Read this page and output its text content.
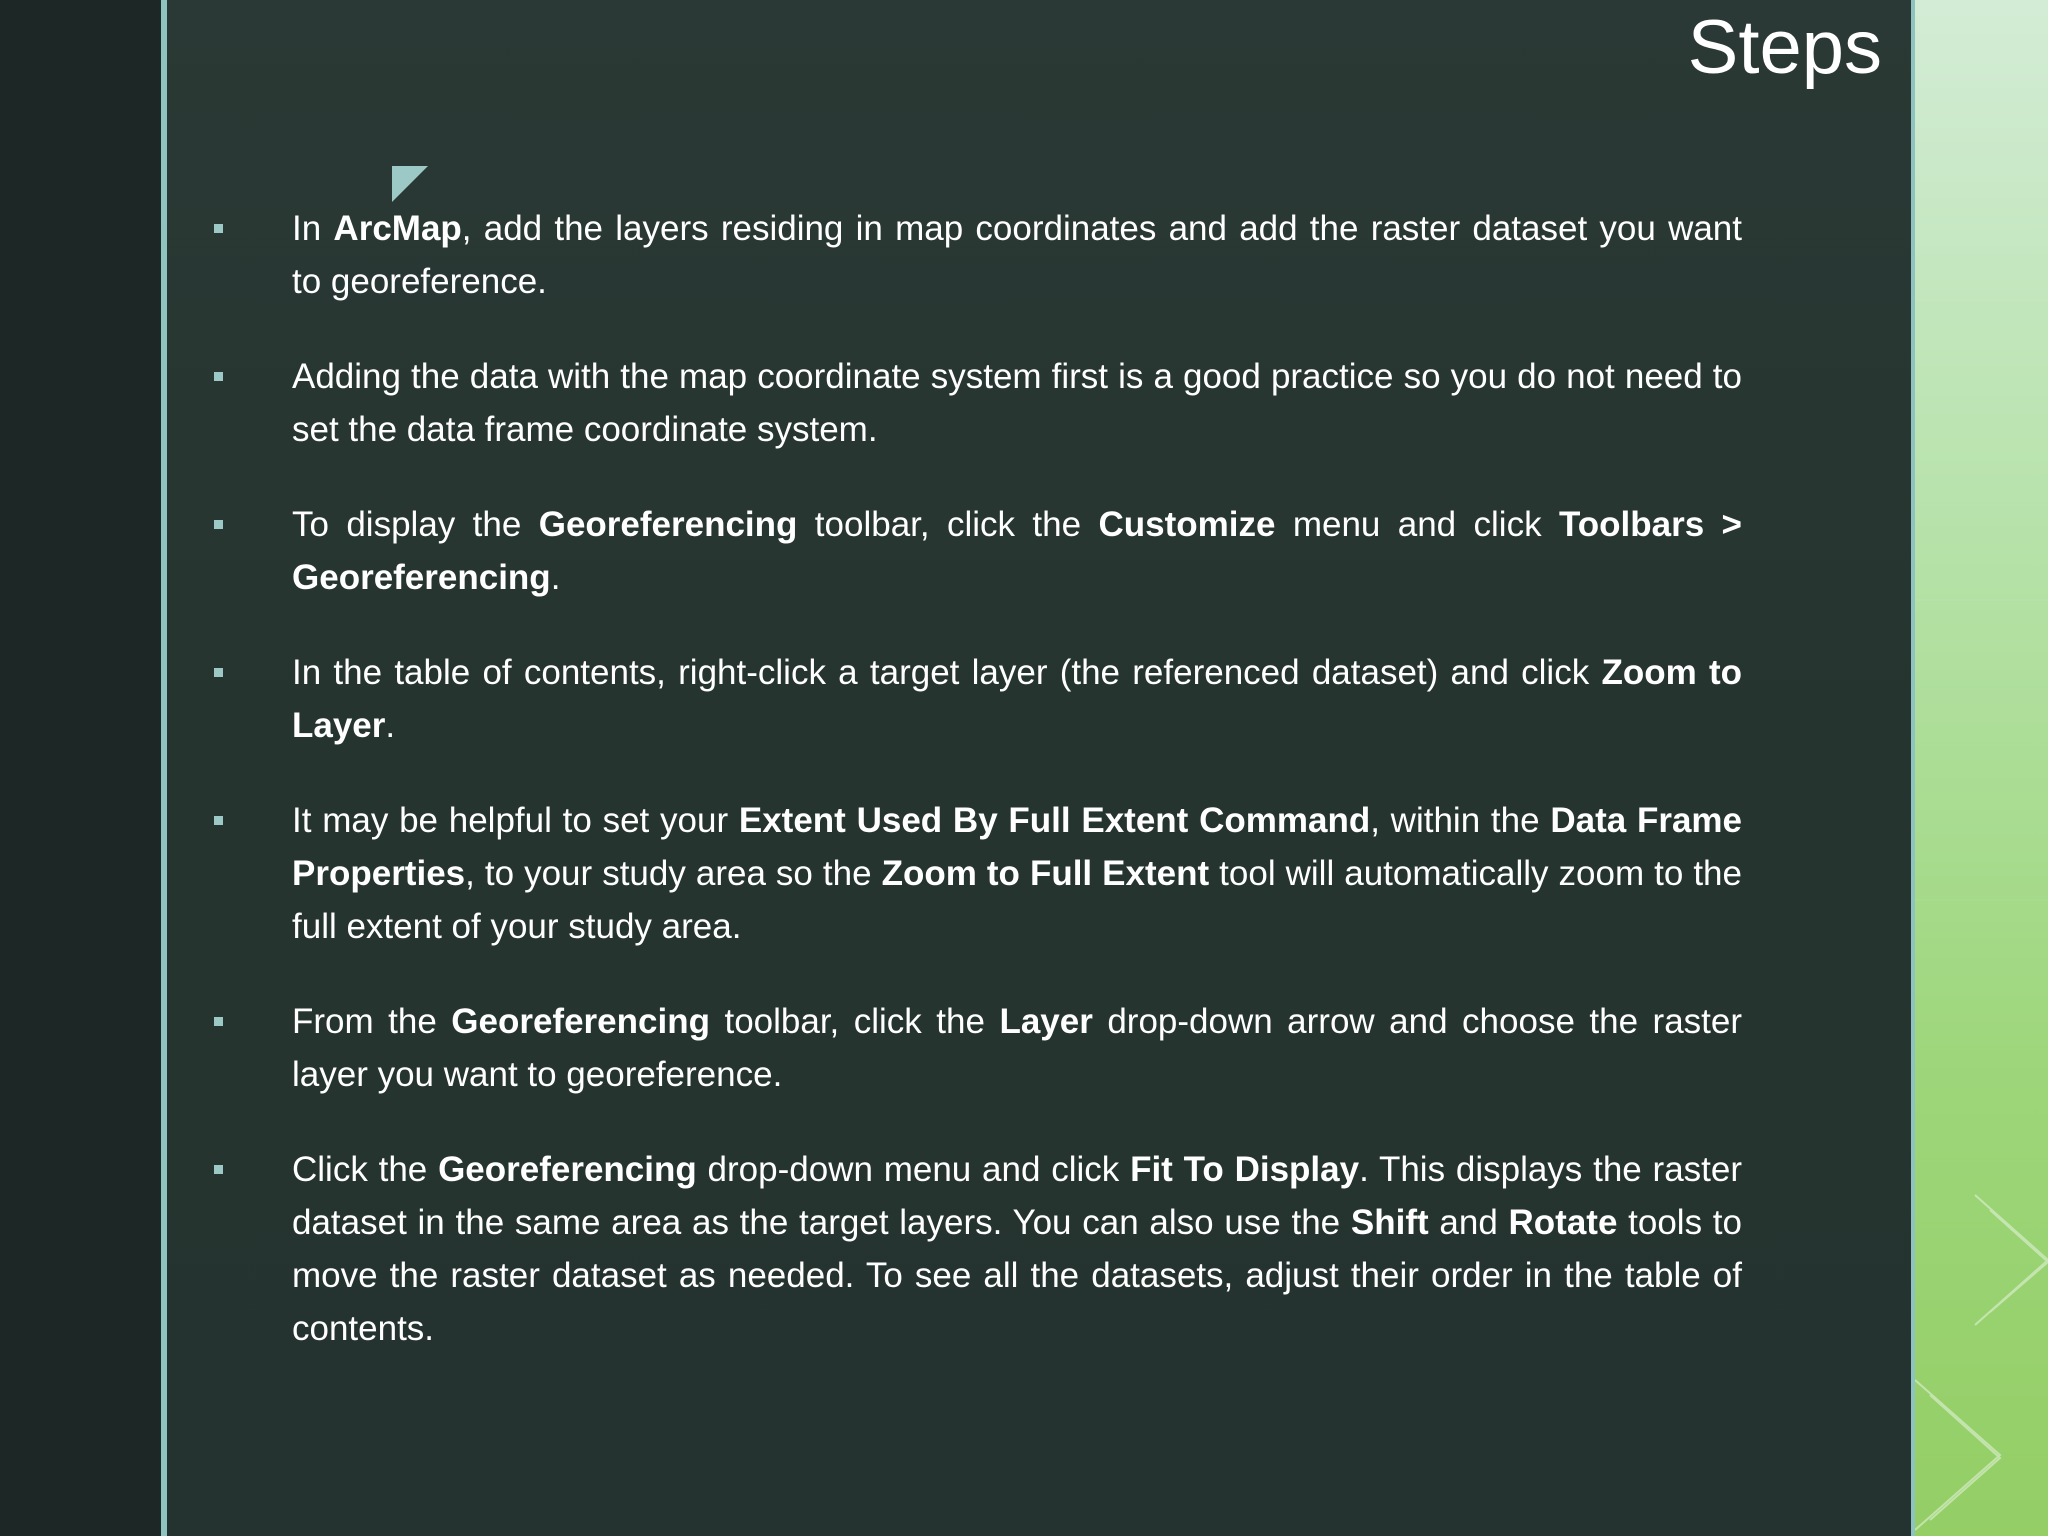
Steps
In ArcMap, add the layers residing in map coordinates and add the raster dataset you want to georeference.
Adding the data with the map coordinate system first is a good practice so you do not need to set the data frame coordinate system.
To display the Georeferencing toolbar, click the Customize menu and click Toolbars > Georeferencing.
In the table of contents, right-click a target layer (the referenced dataset) and click Zoom to Layer.
It may be helpful to set your Extent Used By Full Extent Command, within the Data Frame Properties, to your study area so the Zoom to Full Extent tool will automatically zoom to the full extent of your study area.
From the Georeferencing toolbar, click the Layer drop-down arrow and choose the raster layer you want to georeference.
Click the Georeferencing drop-down menu and click Fit To Display. This displays the raster dataset in the same area as the target layers. You can also use the Shift and Rotate tools to move the raster dataset as needed. To see all the datasets, adjust their order in the table of contents.
